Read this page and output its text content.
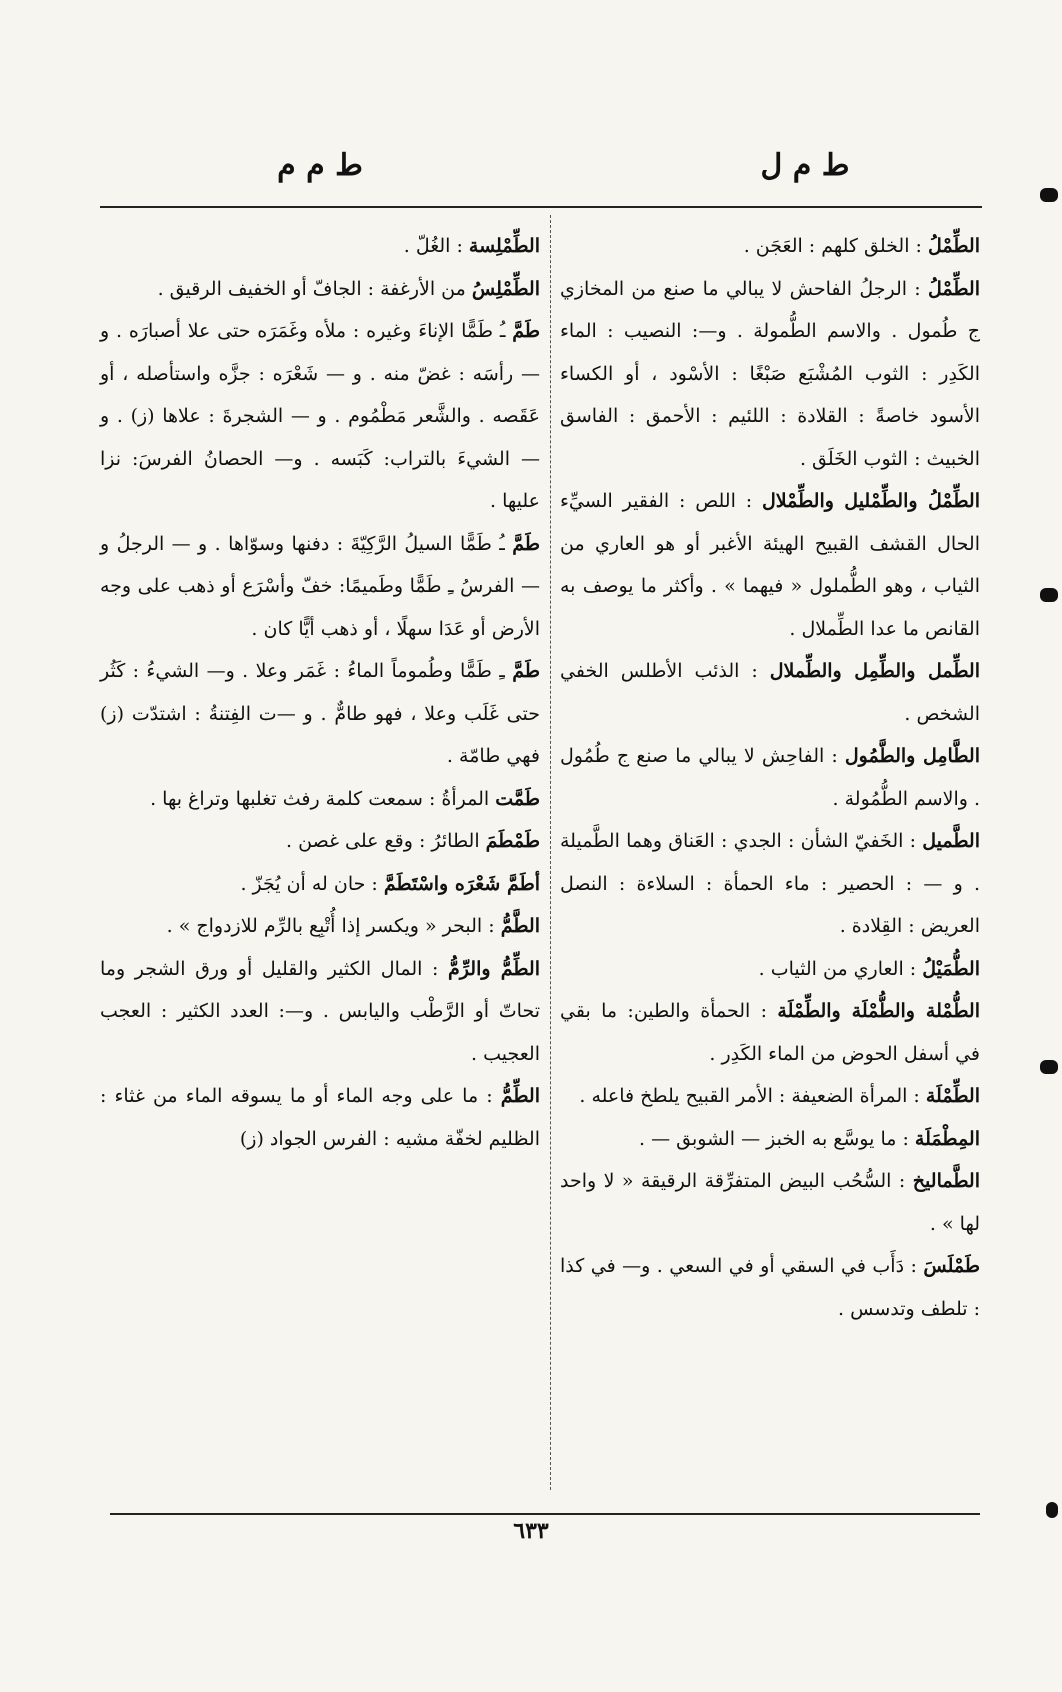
ط م ل
ط م م

الطِّمْلُ : الخلق كلهم : العَجَن .

الطِّمْلُ : الرجلُ الفاحش لا يبالي ما صنع من المخازي ج طُمول . والاسم الطُّمولة . و—: النصيب : الماء الكَدِر : الثوب المُشْبَع صَبْغًا : الأسْود ، أو الكساء الأسود خاصةً : القلادة : اللئيم : الأحمق : الفاسق الخبيث : الثوب الخَلَق .

الطِّمْلُ والطِّمْليل والطِّمْلال : اللص : الفقير السيِّء الحال القشف القبيح الهيئة الأغبر أو هو العاري من الثياب ، وهو الطُّملول « فيهما » . وأكثر ما يوصف به القانص ما عدا الطِّملال .

الطِّمل والطِّمِل والطِّملال : الذئب الأطلس الخفي الشخص .

الطَّامِل والطَّمُول : الفاحِش لا يبالي ما صنع ج طُمُول . والاسم الطُّمُولة .

الطَّميل : الخَفيّ الشأن : الجدي : العَناق وهما الطَّميلة . و — : الحصير : ماء الحمأة : السلاءة : النصل العريض : القِلادة .

الطُّمَيْلُ : العاري من الثياب .

الطُّمْلة والطُّمْلَة والطِّمْلَة : الحمأة والطين: ما بقي في أسفل الحوض من الماء الكَدِر .

الطِّمْلَة : المرأة الضعيفة : الأمر القبيح يلطخ فاعله .

المِطْمَلَة : ما يوسَّع به الخبز — الشوبق — .

الطَّماليخ : السُّحُب البيض المتفرِّقة الرقيقة « لا واحد لها » .

طَمْلَسَ : دَأَب في السقي أو في السعي . و— في كذا : تلطف وتدسس .

الطِّمْلِسة : الغُلّ .

الطِّمْلِسُ من الأرغفة : الجافّ أو الخفيف الرقيق .

طَمَّ ـُ طَمًّا الإناءَ وغيره : ملأه وغَمَرَه حتى علا أصبارَه . و — رأسَه : غضّ منه . و — شَعْرَه : جزَّه واستأصله ، أو عَقَصه . والشَّعر مَطْمُوم . و — الشجرةَ : علاها (ز) . و — الشيءَ بالتراب: كَبَسه . و— الحصانُ الفرسَ: نزا عليها .

طَمَّ ـُ طَمًّا السيلُ الرَّكِيّةَ : دفنها وسوّاها . و — الرجلُ و — الفرسُ ـِ طَمًّا وطَميمًا: خفّ وأسْرَع أو ذهب على وجه الأرض أو عَدَا سهلًا ، أو ذهب أيًّا كان .

طَمَّ ـِ طَمًّا وطُموماً الماءُ : غَمَر وعلا . و— الشيءُ : كَثُر حتى غَلَب وعلا ، فهو طامٌّ . و —ت الفِتنةُ : اشتدّت (ز) فهي طامّة .

طَمَّت المرأةُ : سمعت كلمة رفث تغلبها وتراغ بها .

طَمْطَمَ الطائرُ : وقع على غصن .

أطَمَّ شَعْرَه واسْتَطَمَّ : حان له أن يُجَزّ .

الطَّمُّ : البحر « ويكسر إذا أُتْبِع بالرِّم للازدواج » .

الطِّمُّ والرِّمُّ : المال الكثير والقليل أو ورق الشجر وما تحاتّ أو الرَّطْب واليابس . و—: العدد الكثير : العجب العجيب .

الطِّمُّ : ما على وجه الماء أو ما يسوقه الماء من غثاء : الظليم لخفّة مشيه : الفرس الجواد (ز)

٦٣٣
